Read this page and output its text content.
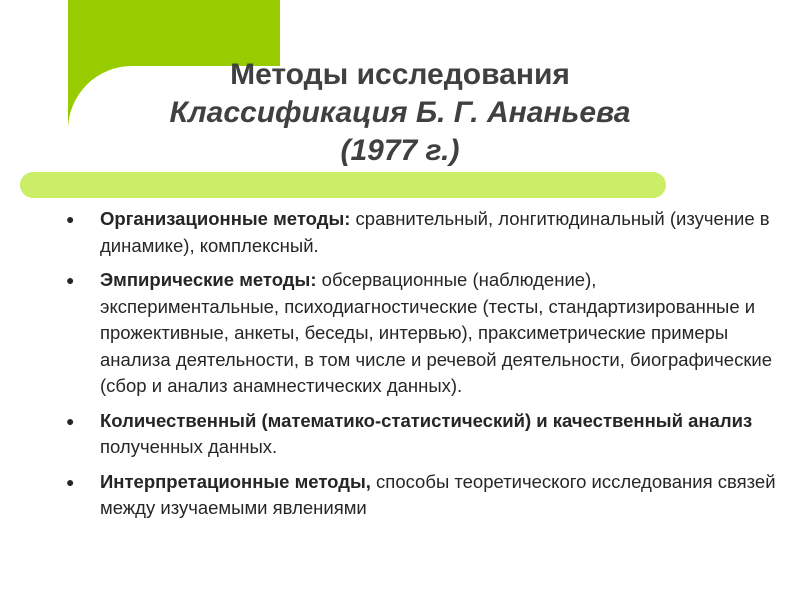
Методы исследования
Классификация Б. Г. Ананьева
(1977 г.)
● Организационные методы: сравнительный, лонгитюдинальный (изучение в динамике), комплексный.
● Эмпирические методы: обсервационные (наблюдение), экспериментальные, психодиагностические (тесты, стандартизированные и прожективные, анкеты, беседы, интервью), праксиметрические примеры анализа деятельности, в том числе и речевой деятельности, биографические (сбор и анализ анамнестических данных).
● Количественный (математико-статистический) и качественный анализ полученных данных.
● Интерпретационные методы, способы теоретического исследования связей между изучаемыми явлениями
